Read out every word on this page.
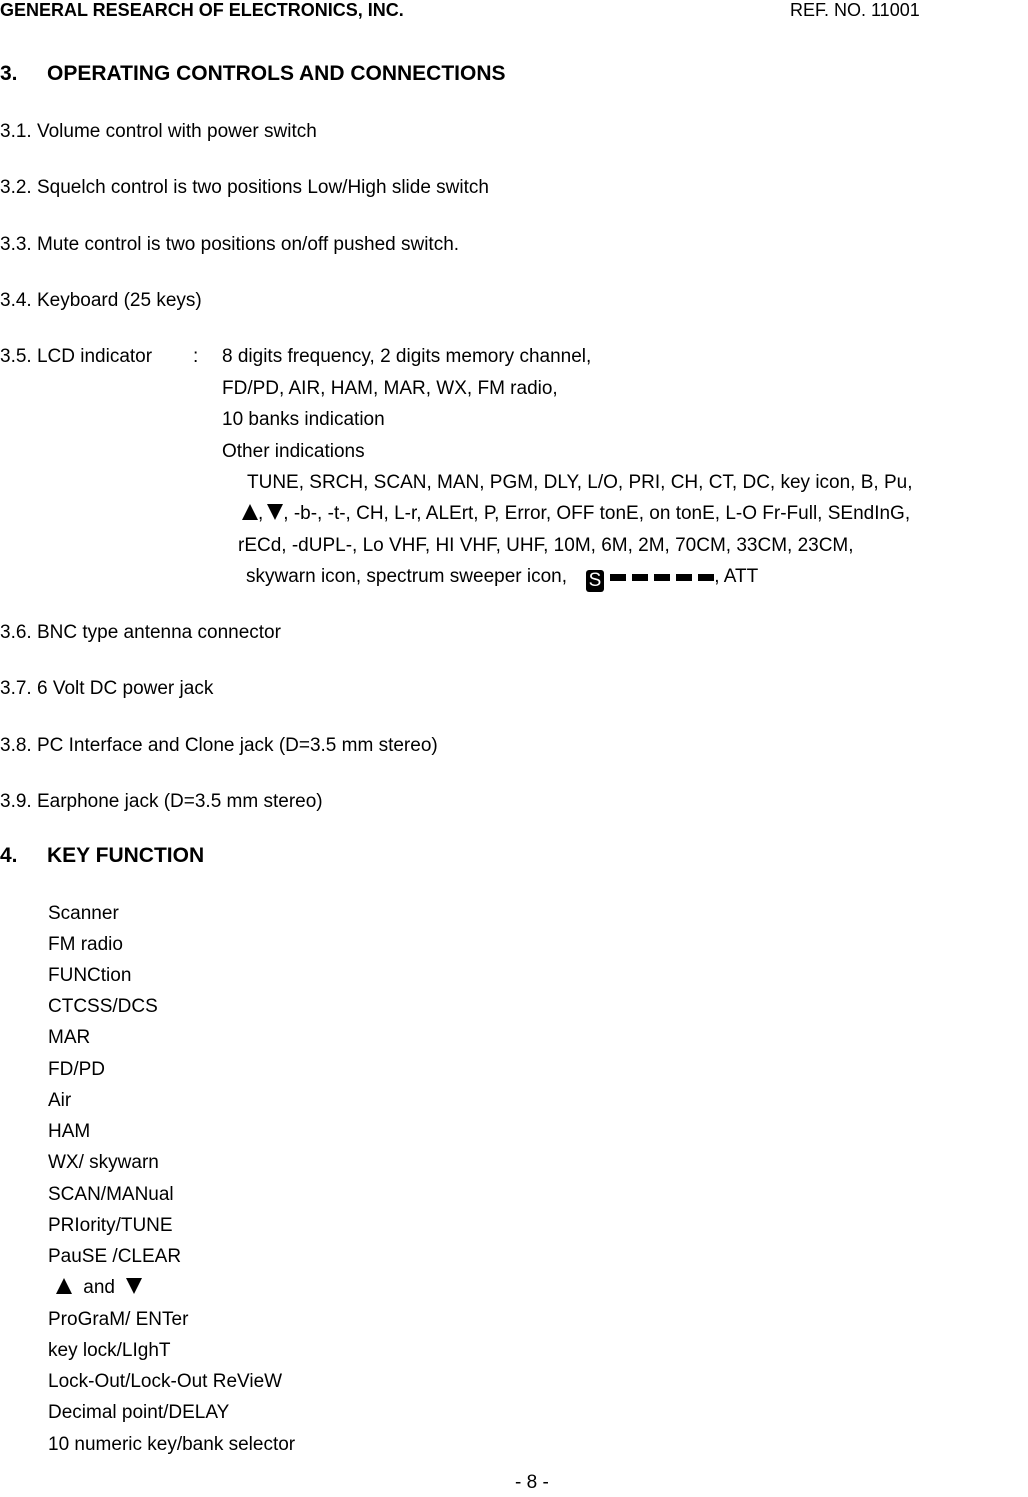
GENERAL RESEARCH OF ELECTRONICS, INC.	REF. NO. 11001
3. OPERATING CONTROLS AND CONNECTIONS
3.1. Volume control with power switch
3.2. Squelch control is two positions Low/High slide switch
3.3. Mute control is two positions on/off pushed switch.
3.4. Keyboard (25 keys)
3.5. LCD indicator : 8 digits frequency, 2 digits memory channel,
FD/PD, AIR, HAM, MAR, WX, FM radio,
10 banks indication
Other indications
TUNE, SRCH, SCAN, MAN, PGM, DLY, L/O, PRI, CH, CT, DC, key icon, B, Pu,
, , -b-, -t-, CH, L-r, ALErt, P, Error, OFF tonE, on tonE, L-O Fr-Full, SEndInG,
rECd, -dUPL-, Lo VHF, HI VHF, UHF, 10M, 6M, 2M, 70CM, 33CM, 23CM,
skywarn icon, spectrum sweeper icon, S	, ATT
3.6. BNC type antenna connector
3.7. 6 Volt DC power jack
3.8. PC Interface and Clone jack (D=3.5 mm stereo)
3.9. Earphone jack (D=3.5 mm stereo)
4. KEY FUNCTION
Scanner
FM radio
FUNCtion
CTCSS/DCS
MAR
FD/PD
Air
HAM
WX/ skywarn
SCAN/MANual
PRIority/TUNE
PauSE /CLEAR
and
ProGraM/ ENTer
key lock/LIghT
Lock-Out/Lock-Out ReVieW
Decimal point/DELAY
10 numeric key/bank selector
- 8 -
